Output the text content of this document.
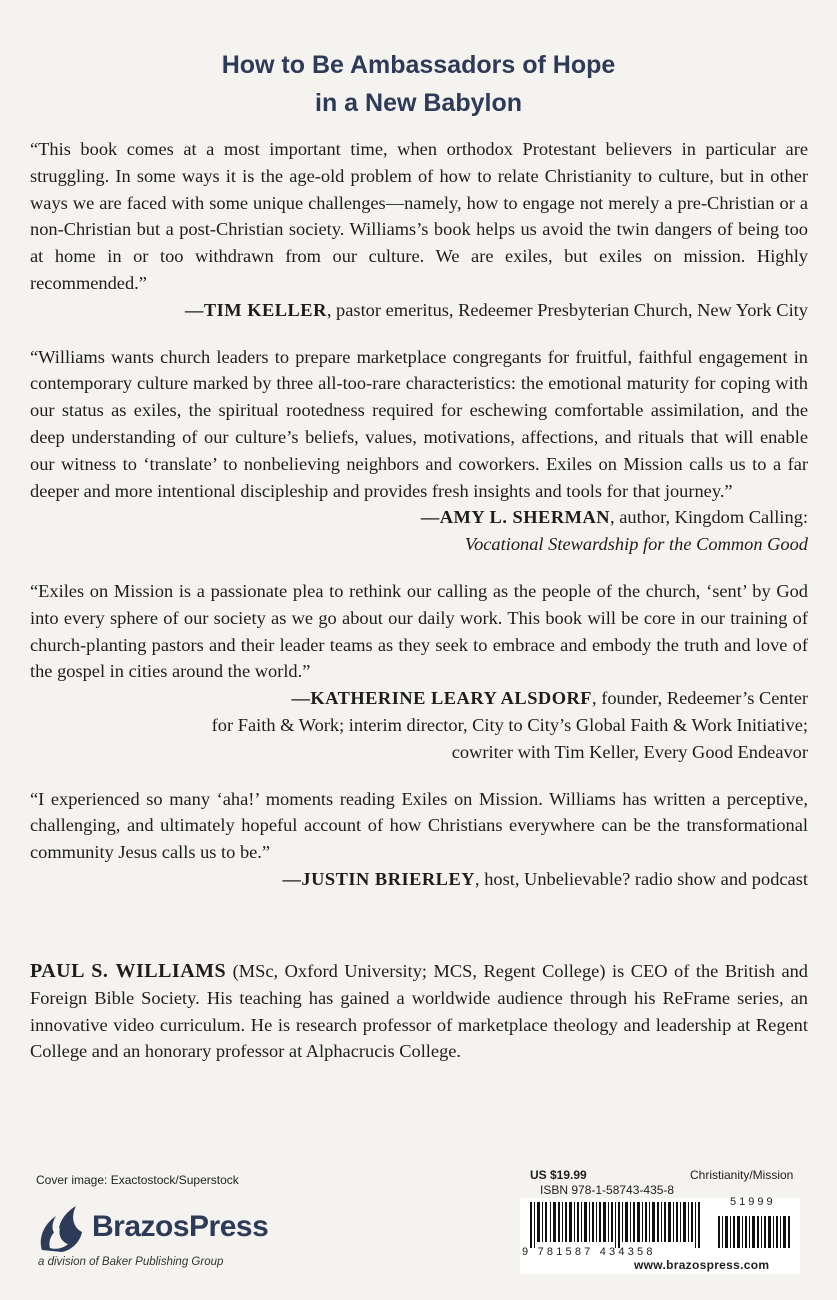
How to Be Ambassadors of Hope
in a New Babylon

“This book comes at a most important time, when orthodox Protestant believers in particular are struggling. In some ways it is the age-old problem of how to relate Christianity to culture, but in other ways we are faced with some unique challenges—namely, how to engage not merely a pre-Christian or a non-Christian but a post-Christian society. Williams’s book helps us avoid the twin dangers of being too at home in or too withdrawn from our culture. We are exiles, but exiles on mission. Highly recommended.”

—TIM KELLER, pastor emeritus, Redeemer Presbyterian Church, New York City

“Williams wants church leaders to prepare marketplace congregants for fruitful, faithful engagement in contemporary culture marked by three all-too-rare characteristics: the emotional maturity for coping with our status as exiles, the spiritual rootedness required for eschewing comfortable assimilation, and the deep understanding of our culture’s beliefs, values, motivations, affections, and rituals that will enable our witness to ‘translate’ to nonbelieving neighbors and coworkers. Exiles on Mission calls us to a far deeper and more intentional discipleship and provides fresh insights and tools for that journey.”

—AMY L. SHERMAN, author, Kingdom Calling:

Vocational Stewardship for the Common Good

“Exiles on Mission is a passionate plea to rethink our calling as the people of the church, ‘sent’ by God into every sphere of our society as we go about our daily work. This book will be core in our training of church-planting pastors and their leader teams as they seek to embrace and embody the truth and love of the gospel in cities around the world.”

—KATHERINE LEARY ALSDORF, founder, Redeemer’s Center

for Faith & Work; interim director, City to City’s Global Faith & Work Initiative;

cowriter with Tim Keller, Every Good Endeavor

“I experienced so many ‘aha!’ moments reading Exiles on Mission. Williams has written a perceptive, challenging, and ultimately hopeful account of how Christians everywhere can be the transformational community Jesus calls us to be.”

—JUSTIN BRIERLEY, host, Unbelievable? radio show and podcast

PAUL S. WILLIAMS (MSc, Oxford University; MCS, Regent College) is CEO of the British and Foreign Bible Society. His teaching has gained a worldwide audience through his ReFrame series, an innovative video curriculum. He is research professor of marketplace theology and leadership at Regent College and an honorary professor at Alphacrucis College.
Cover image: Exactostock/Superstock
BrazosPress
a division of Baker Publishing Group
US $19.99	Christianity/Mission
ISBN 978-1-58743-435-8
51999
9 781587 434358
www.brazospress.com
